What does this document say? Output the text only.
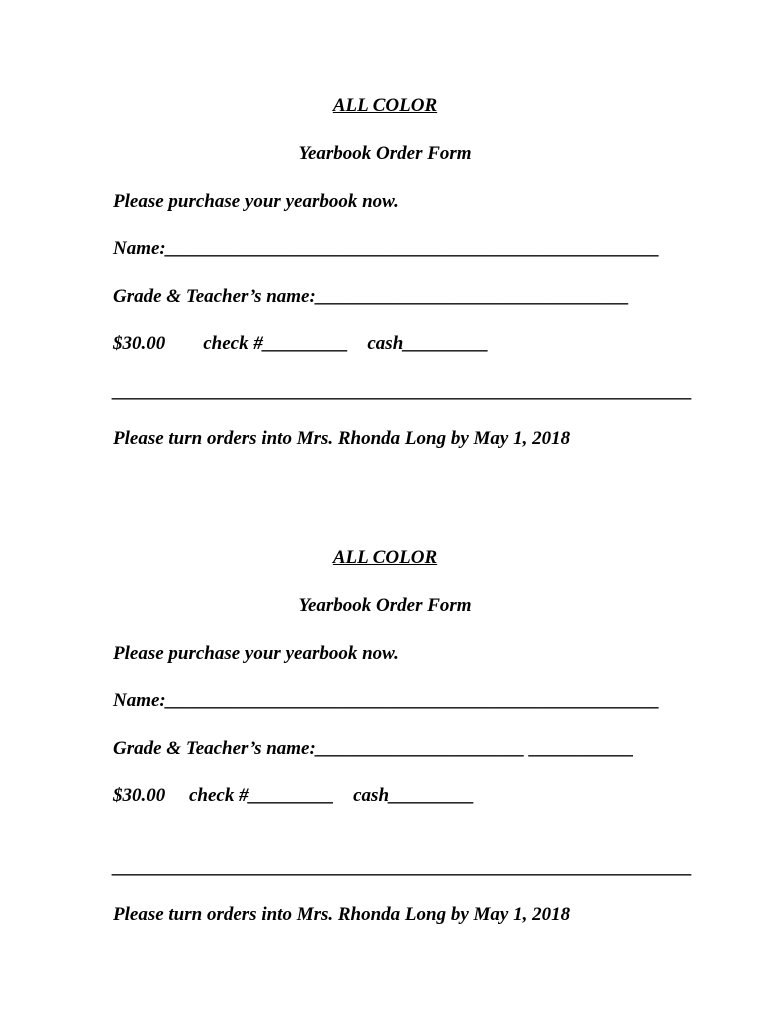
ALL COLOR
Yearbook Order Form
Please purchase your yearbook now.
Name:____________________________________________________
Grade & Teacher’s name:_________________________________
$30.00        check #_________    cash_________
_____________________________________________________________
Please turn orders into Mrs. Rhonda Long by May 1, 2018
ALL COLOR
Yearbook Order Form
Please purchase your yearbook now.
Name:____________________________________________________
Grade & Teacher’s name:______________________ ___________
$30.00     check #_________    cash_________
_____________________________________________________________
Please turn orders into Mrs. Rhonda Long by May 1, 2018
